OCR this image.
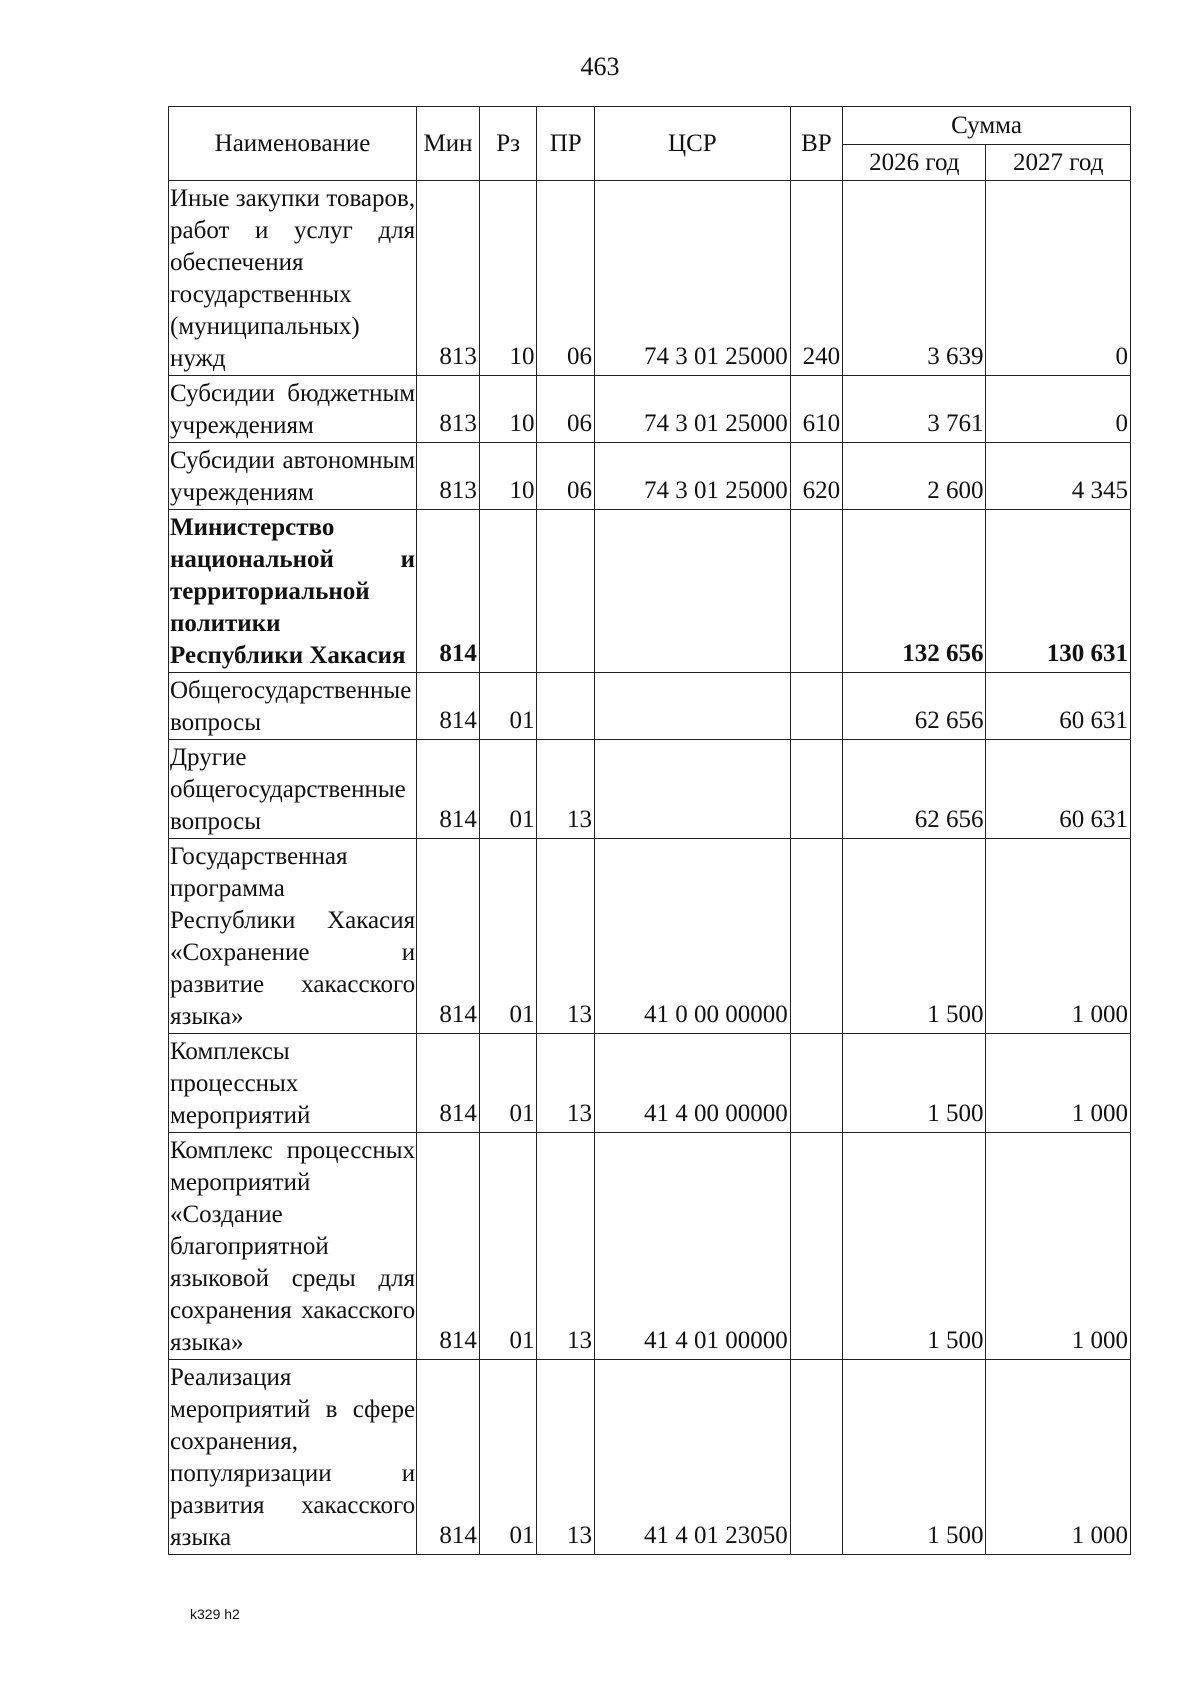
463
Наименование	Мин	Рз	ПР	ЦСР	ВР	Сумма	
						2026 год	2027 год
Иные закупки товаров, работ и услуг для обеспечения государственных (муниципальных) нужд	813	10	06	74 3 01 25000	240	3 639	0
Субсидии бюджетным учреждениям	813	10	06	74 3 01 25000	610	3 761	0
Субсидии автономным учреждениям	813	10	06	74 3 01 25000	620	2 600	4 345
Министерство национальной и территориальной политики Республики Хакасия	814					132 656	130 631
Общегосударственные вопросы	814	01				62 656	60 631
Другие общегосударственные вопросы	814	01	13			62 656	60 631
Государственная программа Республики Хакасия «Сохранение и развитие хакасского языка»	814	01	13	41 0 00 00000		1 500	1 000
Комплексы процессных мероприятий	814	01	13	41 4 00 00000		1 500	1 000
Комплекс процессных мероприятий «Создание благоприятной языковой среды для сохранения хакасского языка»	814	01	13	41 4 01 00000		1 500	1 000
Реализация мероприятий в сфере сохранения, популяризации и развития хакасского языка	814	01	13	41 4 01 23050		1 500	1 000
k329 h2
